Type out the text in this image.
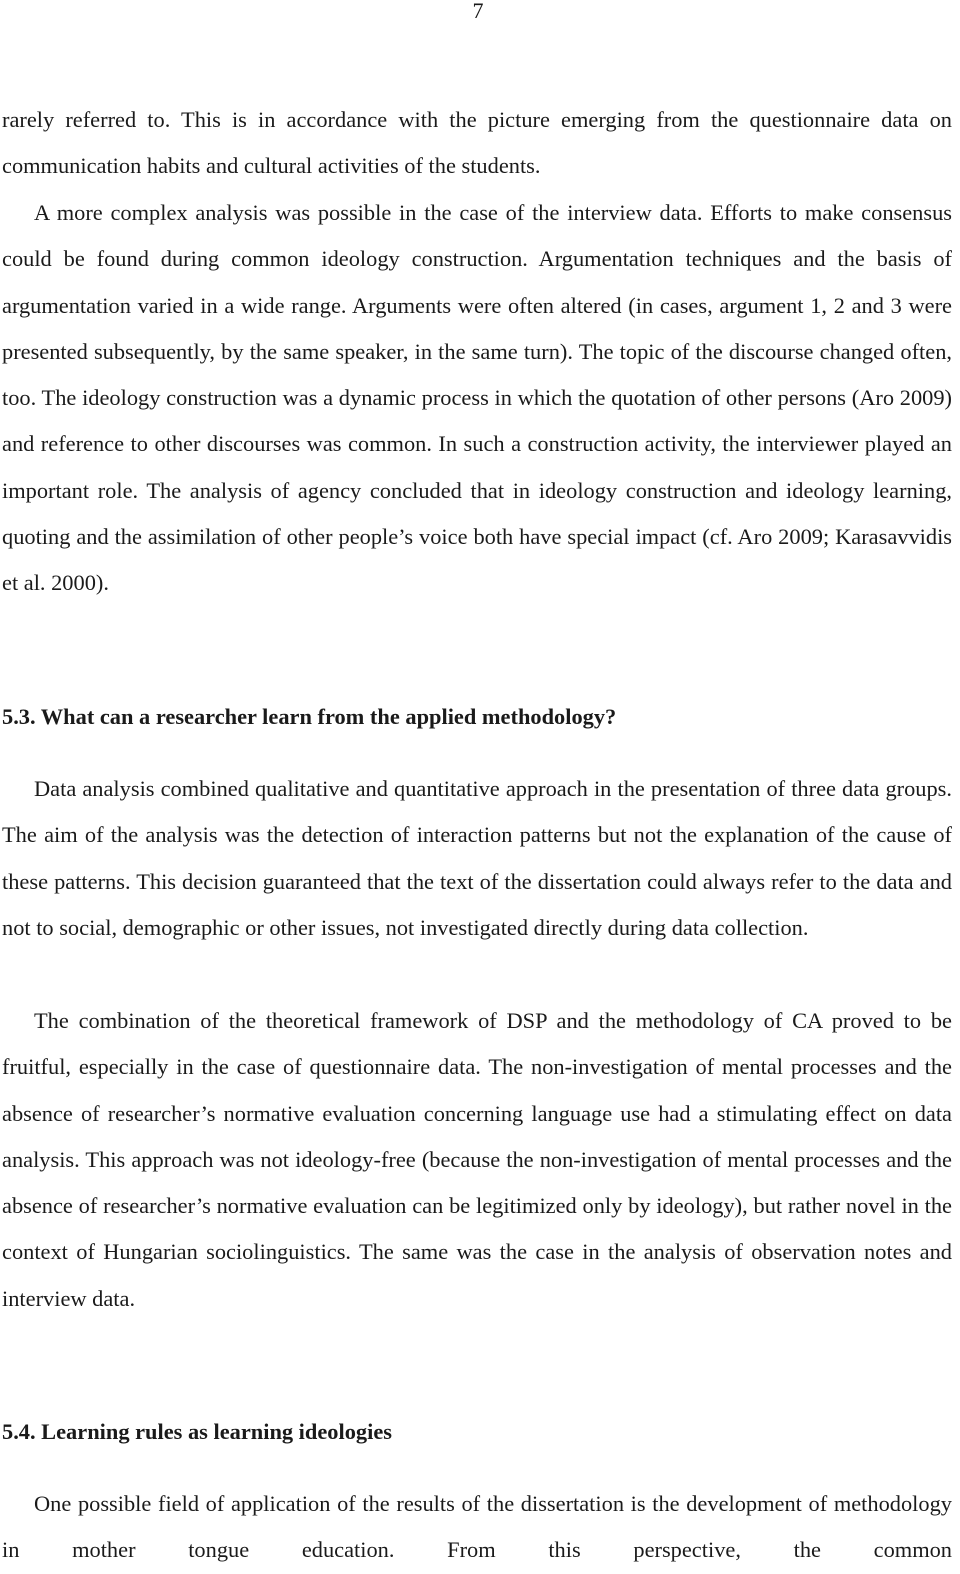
7

rarely referred to. This is in accordance with the picture emerging from the questionnaire data on communication habits and cultural activities of the students.

A more complex analysis was possible in the case of the interview data. Efforts to make consensus could be found during common ideology construction. Argumentation techniques and the basis of argumentation varied in a wide range. Arguments were often altered (in cases, argument 1, 2 and 3 were presented subsequently, by the same speaker, in the same turn). The topic of the discourse changed often, too. The ideology construction was a dynamic process in which the quotation of other persons (Aro 2009) and reference to other discourses was common. In such a construction activity, the interviewer played an important role. The analysis of agency concluded that in ideology construction and ideology learning, quoting and the assimilation of other people’s voice both have special impact (cf. Aro 2009; Karasavvidis et al. 2000).

5.3. What can a researcher learn from the applied methodology?

Data analysis combined qualitative and quantitative approach in the presentation of three data groups. The aim of the analysis was the detection of interaction patterns but not the explanation of the cause of these patterns. This decision guaranteed that the text of the dissertation could always refer to the data and not to social, demographic or other issues, not investigated directly during data collection.

The combination of the theoretical framework of DSP and the methodology of CA proved to be fruitful, especially in the case of questionnaire data. The non-investigation of mental processes and the absence of researcher’s normative evaluation concerning language use had a stimulating effect on data analysis. This approach was not ideology-free (because the non-investigation of mental processes and the absence of researcher’s normative evaluation can be legitimized only by ideology), but rather novel in the context of Hungarian sociolinguistics. The same was the case in the analysis of observation notes and interview data.

5.4. Learning rules as learning ideologies

One possible field of application of the results of the dissertation is the development of methodology in mother tongue education. From this perspective, the common
